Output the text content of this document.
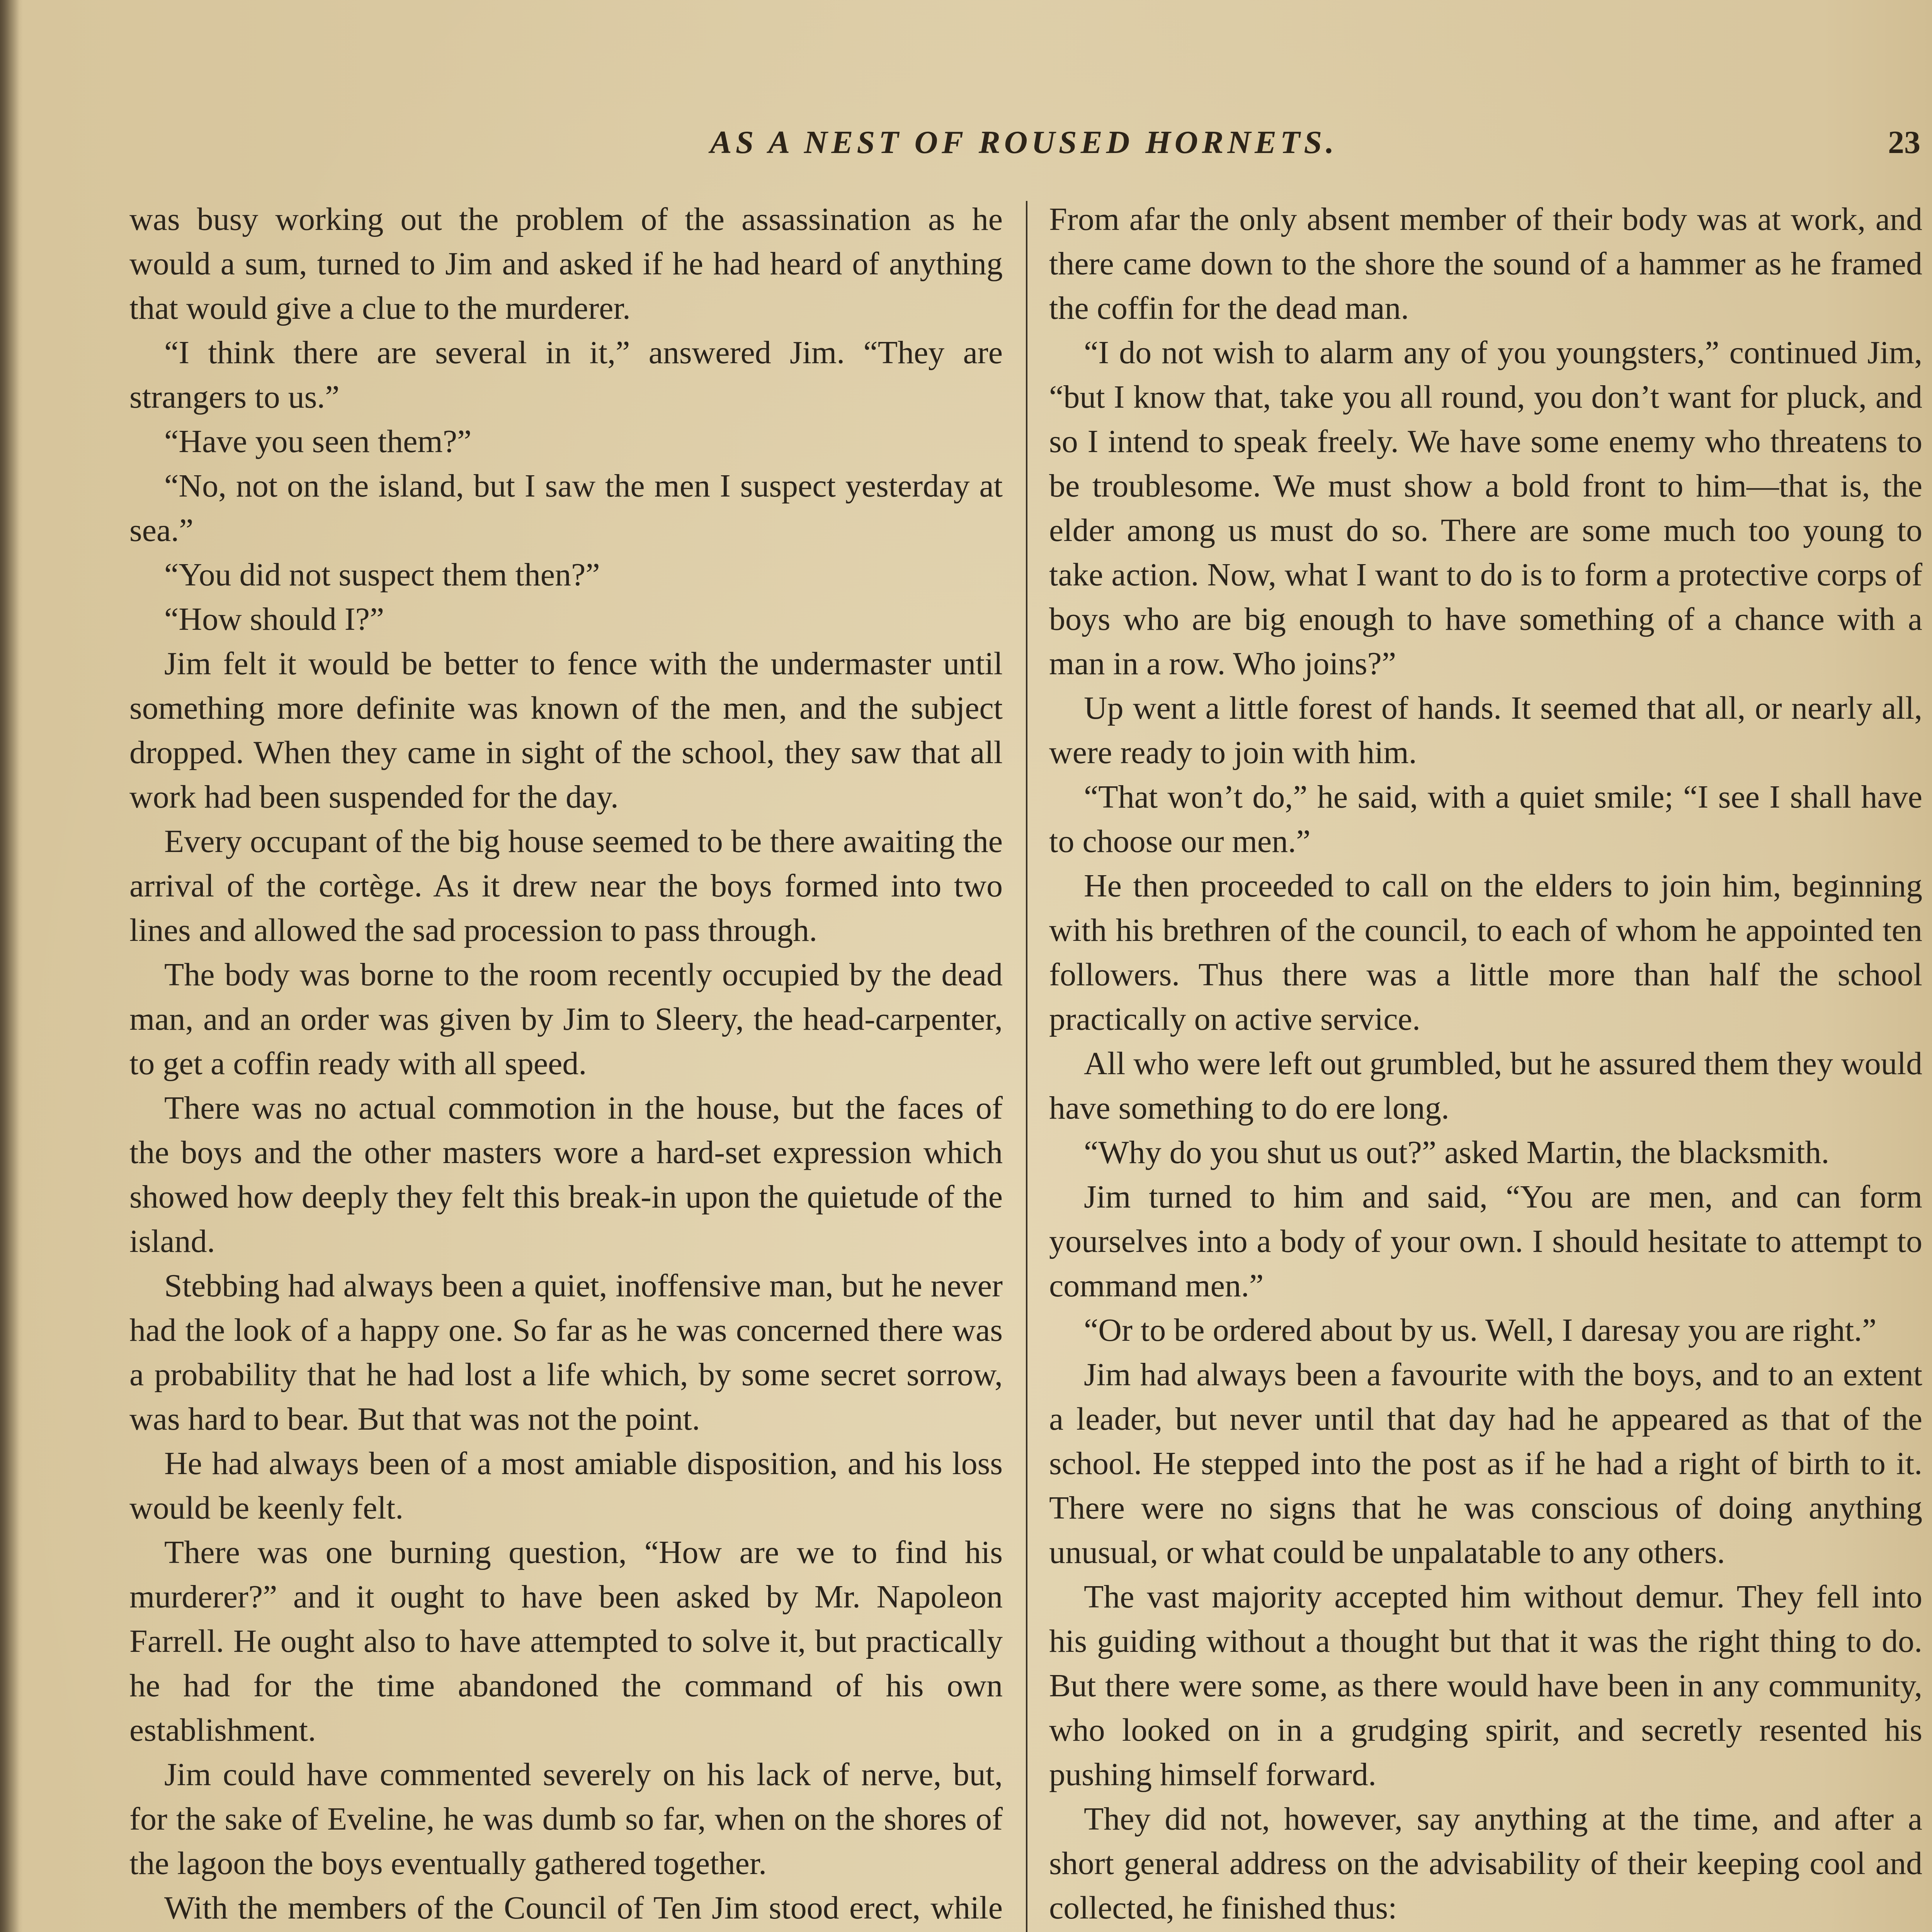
AS A NEST OF ROUSED HORNETS.	23

was busy working out the problem of the assassination as he would a sum, turned to Jim and asked if he had heard of anything that would give a clue to the murderer.

“I think there are several in it,” answered Jim. “They are strangers to us.”

“Have you seen them?”

“No, not on the island, but I saw the men I suspect yesterday at sea.”

“You did not suspect them then?”

“How should I?”

Jim felt it would be better to fence with the undermaster until something more definite was known of the men, and the subject dropped. When they came in sight of the school, they saw that all work had been suspended for the day.

Every occupant of the big house seemed to be there awaiting the arrival of the cortège. As it drew near the boys formed into two lines and allowed the sad procession to pass through.

The body was borne to the room recently occupied by the dead man, and an order was given by Jim to Sleery, the head-carpenter, to get a coffin ready with all speed.

There was no actual commotion in the house, but the faces of the boys and the other masters wore a hard-set expression which showed how deeply they felt this break-in upon the quietude of the island.

Stebbing had always been a quiet, inoffensive man, but he never had the look of a happy one. So far as he was concerned there was a probability that he had lost a life which, by some secret sorrow, was hard to bear. But that was not the point.

He had always been of a most amiable disposition, and his loss would be keenly felt.

There was one burning question, “How are we to find his murderer?” and it ought to have been asked by Mr. Napoleon Farrell. He ought also to have attempted to solve it, but practically he had for the time abandoned the command of his own establishment.

Jim could have commented severely on his lack of nerve, but, for the sake of Eveline, he was dumb so far, when on the shores of the lagoon the boys eventually gathered together.

With the members of the Council of Ten Jim stood erect, while

From afar the only absent member of their body was at work, and there came down to the shore the sound of a hammer as he framed the coffin for the dead man.

“I do not wish to alarm any of you youngsters,” continued Jim, “but I know that, take you all round, you don’t want for pluck, and so I intend to speak freely. We have some enemy who threatens to be troublesome. We must show a bold front to him—that is, the elder among us must do so. There are some much too young to take action. Now, what I want to do is to form a protective corps of boys who are big enough to have something of a chance with a man in a row. Who joins?”

Up went a little forest of hands. It seemed that all, or nearly all, were ready to join with him.

“That won’t do,” he said, with a quiet smile; “I see I shall have to choose our men.”

He then proceeded to call on the elders to join him, beginning with his brethren of the council, to each of whom he appointed ten followers. Thus there was a little more than half the school practically on active service.

All who were left out grumbled, but he assured them they would have something to do ere long.

“Why do you shut us out?” asked Martin, the blacksmith.

Jim turned to him and said, “You are men, and can form yourselves into a body of your own. I should hesitate to attempt to command men.”

“Or to be ordered about by us. Well, I daresay you are right.”

Jim had always been a favourite with the boys, and to an extent a leader, but never until that day had he appeared as that of the school. He stepped into the post as if he had a right of birth to it. There were no signs that he was conscious of doing anything unusual, or what could be unpalatable to any others.

The vast majority accepted him without demur. They fell into his guiding without a thought but that it was the right thing to do. But there were some, as there would have been in any community, who looked on in a grudging spirit, and secretly resented his pushing himself forward.

They did not, however, say anything at the time, and after a short general address on the advisability of their keeping cool and collected, he finished thus:
